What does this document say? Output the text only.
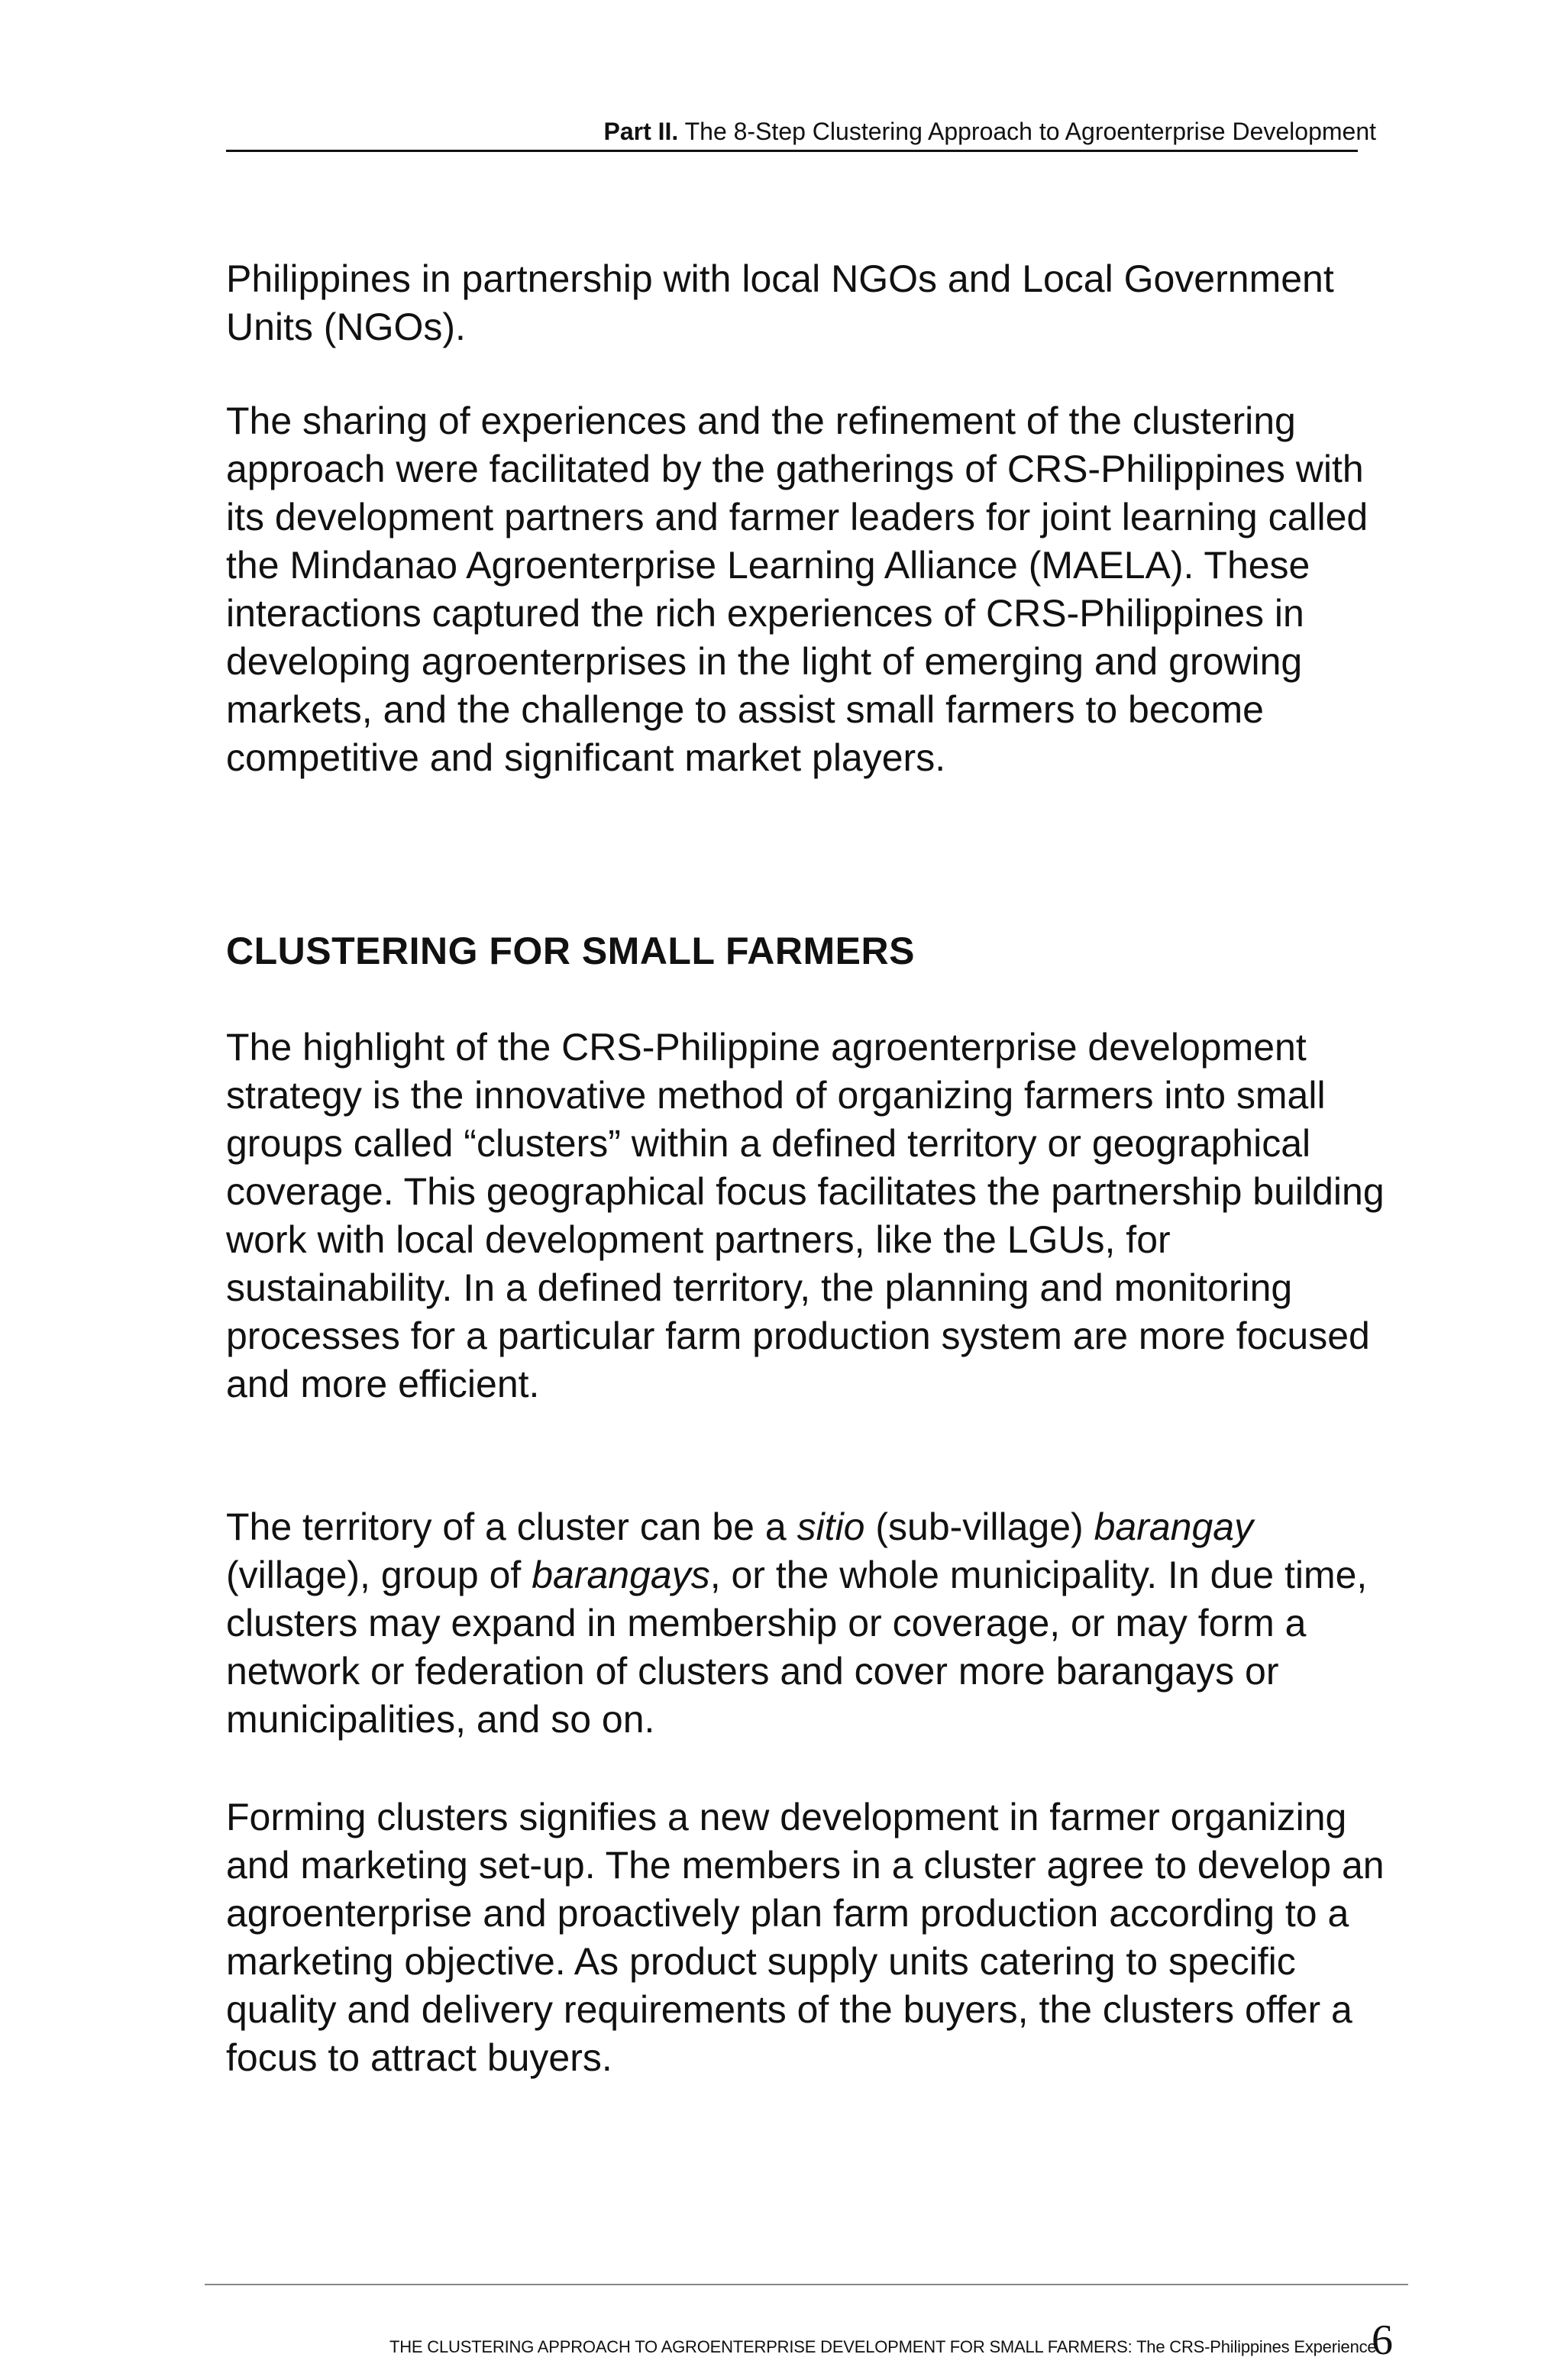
Part II. The 8-Step Clustering Approach to Agroenterprise Development

Philippines in partnership with local NGOs and Local Government Units (NGOs).

The sharing of experiences and the refinement of the clustering approach were facilitated by the gatherings of CRS-Philippines with its development partners and farmer leaders for joint learning called the Mindanao Agroenterprise Learning Alliance (MAELA). These interactions captured the rich experiences of CRS-Philippines in developing agroenterprises in the light of emerging and growing markets, and the challenge to assist small farmers to become competitive and significant market players.

CLUSTERING FOR SMALL FARMERS

The highlight of the CRS-Philippine agroenterprise development strategy is the innovative method of organizing farmers into small groups called “clusters” within a defined territory or geographical coverage. This geographical focus facilitates the partnership building work with local development partners, like the LGUs, for sustainability. In a defined territory, the planning and monitoring processes for a particular farm production system are more focused and more efficient.

The territory of a cluster can be a sitio (sub-village) barangay (village), group of barangays, or the whole municipality. In due time, clusters may expand in membership or coverage, or may form a network or federation of clusters and cover more barangays or municipalities, and so on.

Forming clusters signifies a new development in farmer organizing and marketing set-up. The members in a cluster agree to develop an agroenterprise and proactively plan farm production according to a marketing objective. As product supply units catering to specific quality and delivery requirements of the buyers, the clusters offer a focus to attract buyers.

THE CLUSTERING APPROACH TO AGROENTERPRISE DEVELOPMENT FOR SMALL FARMERS: The CRS-Philippines Experience
6
